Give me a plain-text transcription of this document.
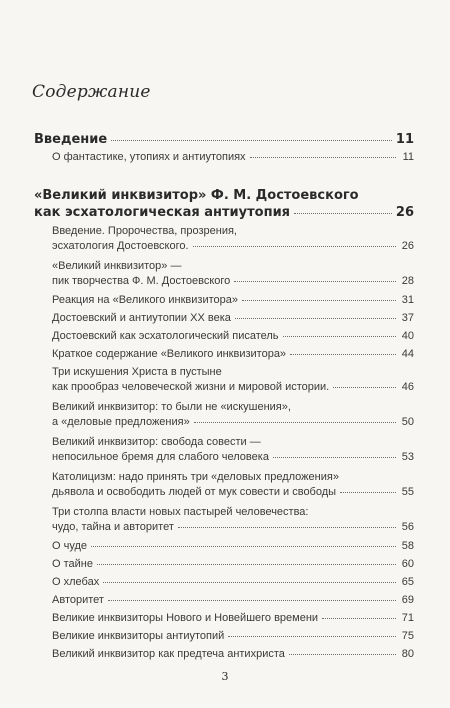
Содержание
Введение	11
О фантастике, утопиях и антиутопиях	11
«Великий инквизитор» Ф. М. Достоевского
как эсхатологическая антиутопия	26
Введение. Пророчества, прозрения,
эсхатология Достоевского.	26
«Великий инквизитор» —
пик творчества Ф. М. Достоевского	28
Реакция на «Великого инквизитора»	31
Достоевский и антиутопии XX века	37
Достоевский как эсхатологический писатель	40
Краткое содержание «Великого инквизитора»	44
Три искушения Христа в пустыне
как прообраз человеческой жизни и мировой истории.	46
Великий инквизитор: то были не «искушения»,
а «деловые предложения»	50
Великий инквизитор: свобода совести —
непосильное бремя для слабого человека	53
Католицизм: надо принять три «деловых предложения»
дьявола и освободить людей от мук совести и свободы	55
Три столпа власти новых пастырей человечества:
чудо, тайна и авторитет	56
О чуде	58
О тайне	60
О хлебах	65
Авторитет	69
Великие инквизиторы Нового и Новейшего времени	71
Великие инквизиторы антиутопий	75
Великий инквизитор как предтеча антихриста	80
3
